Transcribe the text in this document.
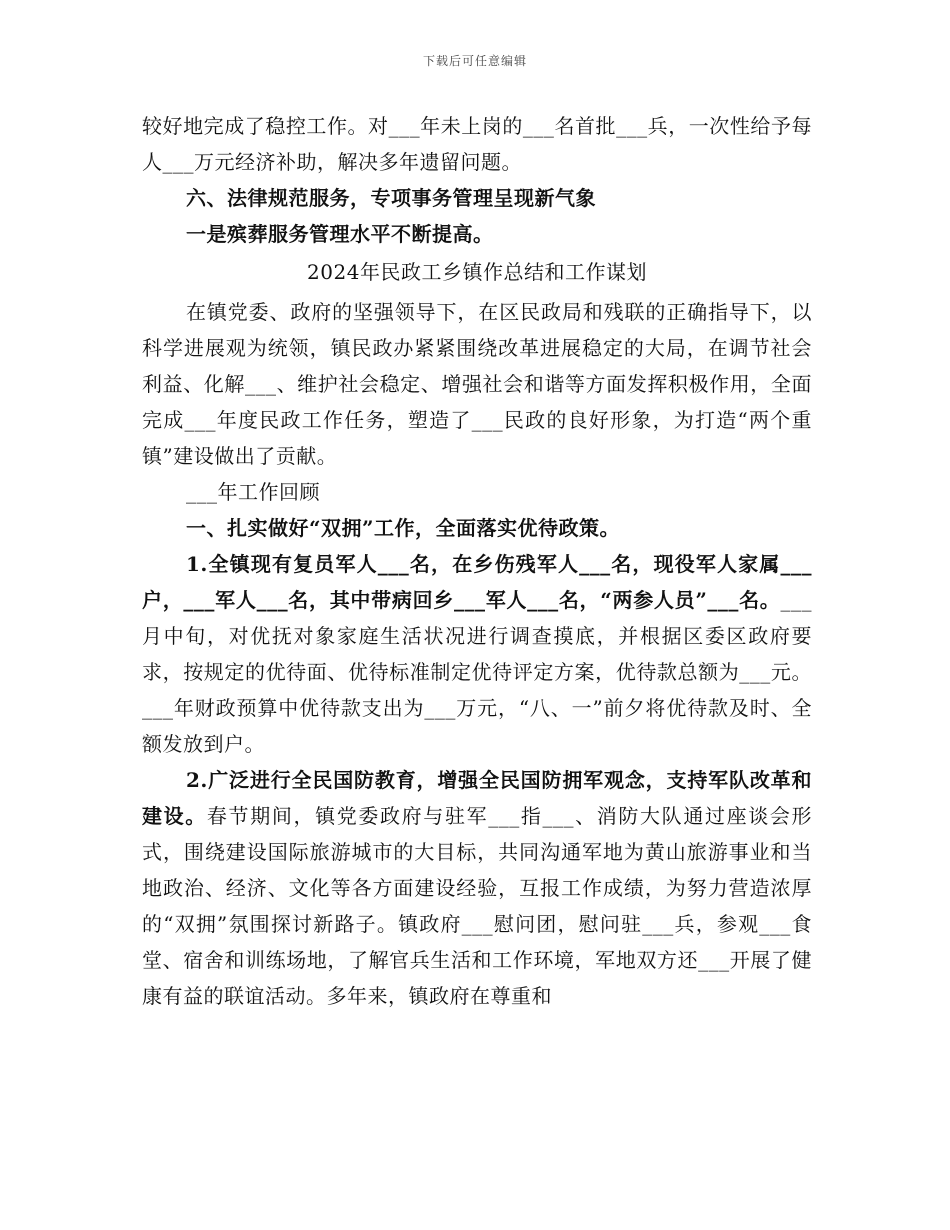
下载后可任意编辑

较好地完成了稳控工作。对___年未上岗的___名首批___兵，一次性给予每人___万元经济补助，解决多年遗留问题。

六、法律规范服务，专项事务管理呈现新气象

一是殡葬服务管理水平不断提高。

2024年民政工乡镇作总结和工作谋划

在镇党委、政府的坚强领导下，在区民政局和残联的正确指导下，以科学进展观为统领，镇民政办紧紧围绕改革进展稳定的大局，在调节社会利益、化解___、维护社会稳定、增强社会和谐等方面发挥积极作用，全面完成___年度民政工作任务，塑造了___民政的良好形象，为打造“两个重镇”建设做出了贡献。

___年工作回顾

一、扎实做好“双拥”工作，全面落实优待政策。

1.全镇现有复员军人___名，在乡伤残军人___名，现役军人家属___户，___军人___名，其中带病回乡___军人___名，“两参人员”___名。___月中旬，对优抚对象家庭生活状况进行调查摸底，并根据区委区政府要求，按规定的优待面、优待标准制定优待评定方案，优待款总额为___元。___年财政预算中优待款支出为___万元，“八、一”前夕将优待款及时、全额发放到户。

2.广泛进行全民国防教育，增强全民国防拥军观念，支持军队改革和建设。春节期间，镇党委政府与驻军___指___、消防大队通过座谈会形式，围绕建设国际旅游城市的大目标，共同沟通军地为黄山旅游事业和当地政治、经济、文化等各方面建设经验，互报工作成绩，为努力营造浓厚的“双拥”氛围探讨新路子。镇政府___慰问团，慰问驻___兵，参观___食堂、宿舍和训练场地，了解官兵生活和工作环境，军地双方还___开展了健康有益的联谊活动。多年来，镇政府在尊重和
